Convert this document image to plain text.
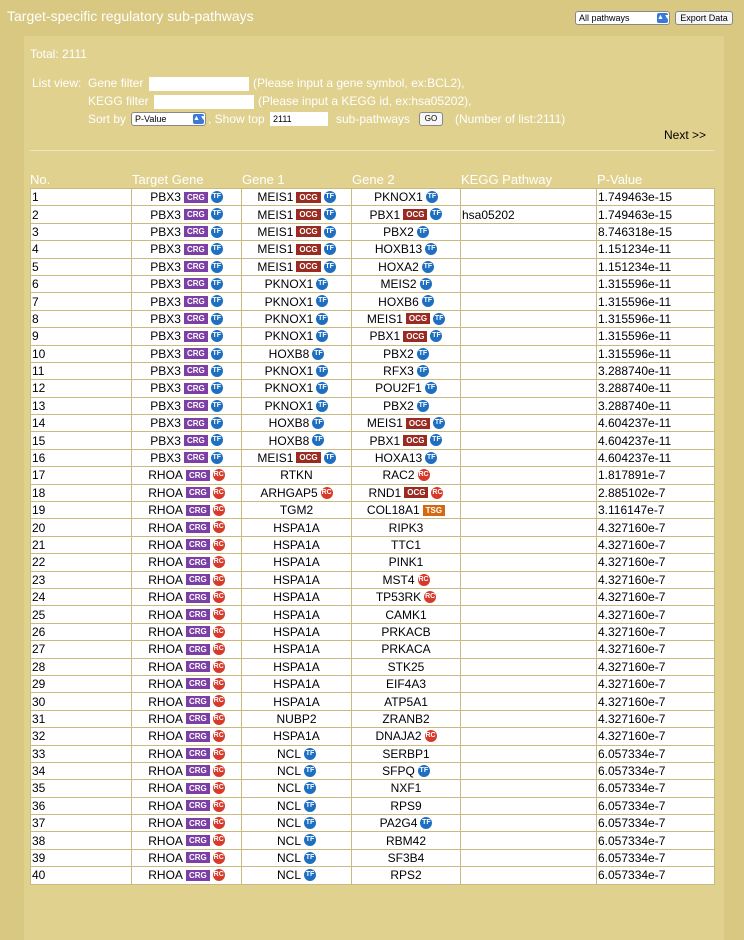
Target-specific regulatory sub-pathways	All pathways	▲▼	Export Data
Total: 2111
List view: Gene filter	(Please input a gene symbol, ex:BCL2),
KEGG filter	(Please input a KEGG id, ex:hsa05202),
Sort by P-Value	▲▼ , Show top
2111	sub-pathways	GO	(Number of list:2111)
Next >>
No.	Target Gene	Gene 1	Gene 2	KEGG Pathway	P-Value
1	PBX3 CRG TF	MEIS1 OCG TF	PKNOX1 TF		1.749463e-15
2	PBX3 CRG TF	MEIS1 OCG TF	PBX1 OCG TF	hsa05202	1.749463e-15
3	PBX3 CRG TF	MEIS1 OCG TF	PBX2 TF		8.746318e-15
4	PBX3 CRG TF	MEIS1 OCG TF	HOXB13 TF		1.151234e-11
5	PBX3 CRG TF	MEIS1 OCG TF	HOXA2 TF		1.151234e-11
6	PBX3 CRG TF	PKNOX1 TF	MEIS2 TF		1.315596e-11
7	PBX3 CRG TF	PKNOX1 TF	HOXB6 TF		1.315596e-11
8	PBX3 CRG TF	PKNOX1 TF	MEIS1 OCG TF		1.315596e-11
9	PBX3 CRG TF	PKNOX1 TF	PBX1 OCG TF		1.315596e-11
10	PBX3 CRG TF	HOXB8 TF	PBX2 TF		1.315596e-11
11	PBX3 CRG TF	PKNOX1 TF	RFX3 TF		3.288740e-11
12	PBX3 CRG TF	PKNOX1 TF	POU2F1 TF		3.288740e-11
13	PBX3 CRG TF	PKNOX1 TF	PBX2 TF		3.288740e-11
14	PBX3 CRG TF	HOXB8 TF	MEIS1 OCG TF		4.604237e-11
15	PBX3 CRG TF	HOXB8 TF	PBX1 OCG TF		4.604237e-11
16	PBX3 CRG TF	MEIS1 OCG TF	HOXA13 TF		4.604237e-11
17	RHOA CRG RC	RTKN	RAC2 RC		1.817891e-7
18	RHOA CRG RC	ARHGAP5 RC	RND1 OCG RC		2.885102e-7
19	RHOA CRG RC	TGM2	COL18A1 TSG		3.116147e-7
20	RHOA CRG RC	HSPA1A	RIPK3		4.327160e-7
21	RHOA CRG RC	HSPA1A	TTC1		4.327160e-7
22	RHOA CRG RC	HSPA1A	PINK1		4.327160e-7
23	RHOA CRG RC	HSPA1A	MST4 RC		4.327160e-7
24	RHOA CRG RC	HSPA1A	TP53RK RC		4.327160e-7
25	RHOA CRG RC	HSPA1A	CAMK1		4.327160e-7
26	RHOA CRG RC	HSPA1A	PRKACB		4.327160e-7
27	RHOA CRG RC	HSPA1A	PRKACA		4.327160e-7
28	RHOA CRG RC	HSPA1A	STK25		4.327160e-7
29	RHOA CRG RC	HSPA1A	EIF4A3		4.327160e-7
30	RHOA CRG RC	HSPA1A	ATP5A1		4.327160e-7
31	RHOA CRG RC	NUBP2	ZRANB2		4.327160e-7
32	RHOA CRG RC	HSPA1A	DNAJA2 RC		4.327160e-7
33	RHOA CRG RC	NCL TF	SERBP1		6.057334e-7
34	RHOA CRG RC	NCL TF	SFPQ TF		6.057334e-7
35	RHOA CRG RC	NCL TF	NXF1		6.057334e-7
36	RHOA CRG RC	NCL TF	RPS9		6.057334e-7
37	RHOA CRG RC	NCL TF	PA2G4 TF		6.057334e-7
38	RHOA CRG RC	NCL TF	RBM42		6.057334e-7
39	RHOA CRG RC	NCL TF	SF3B4		6.057334e-7
40	RHOA CRG RC	NCL TF	RPS2		6.057334e-7
